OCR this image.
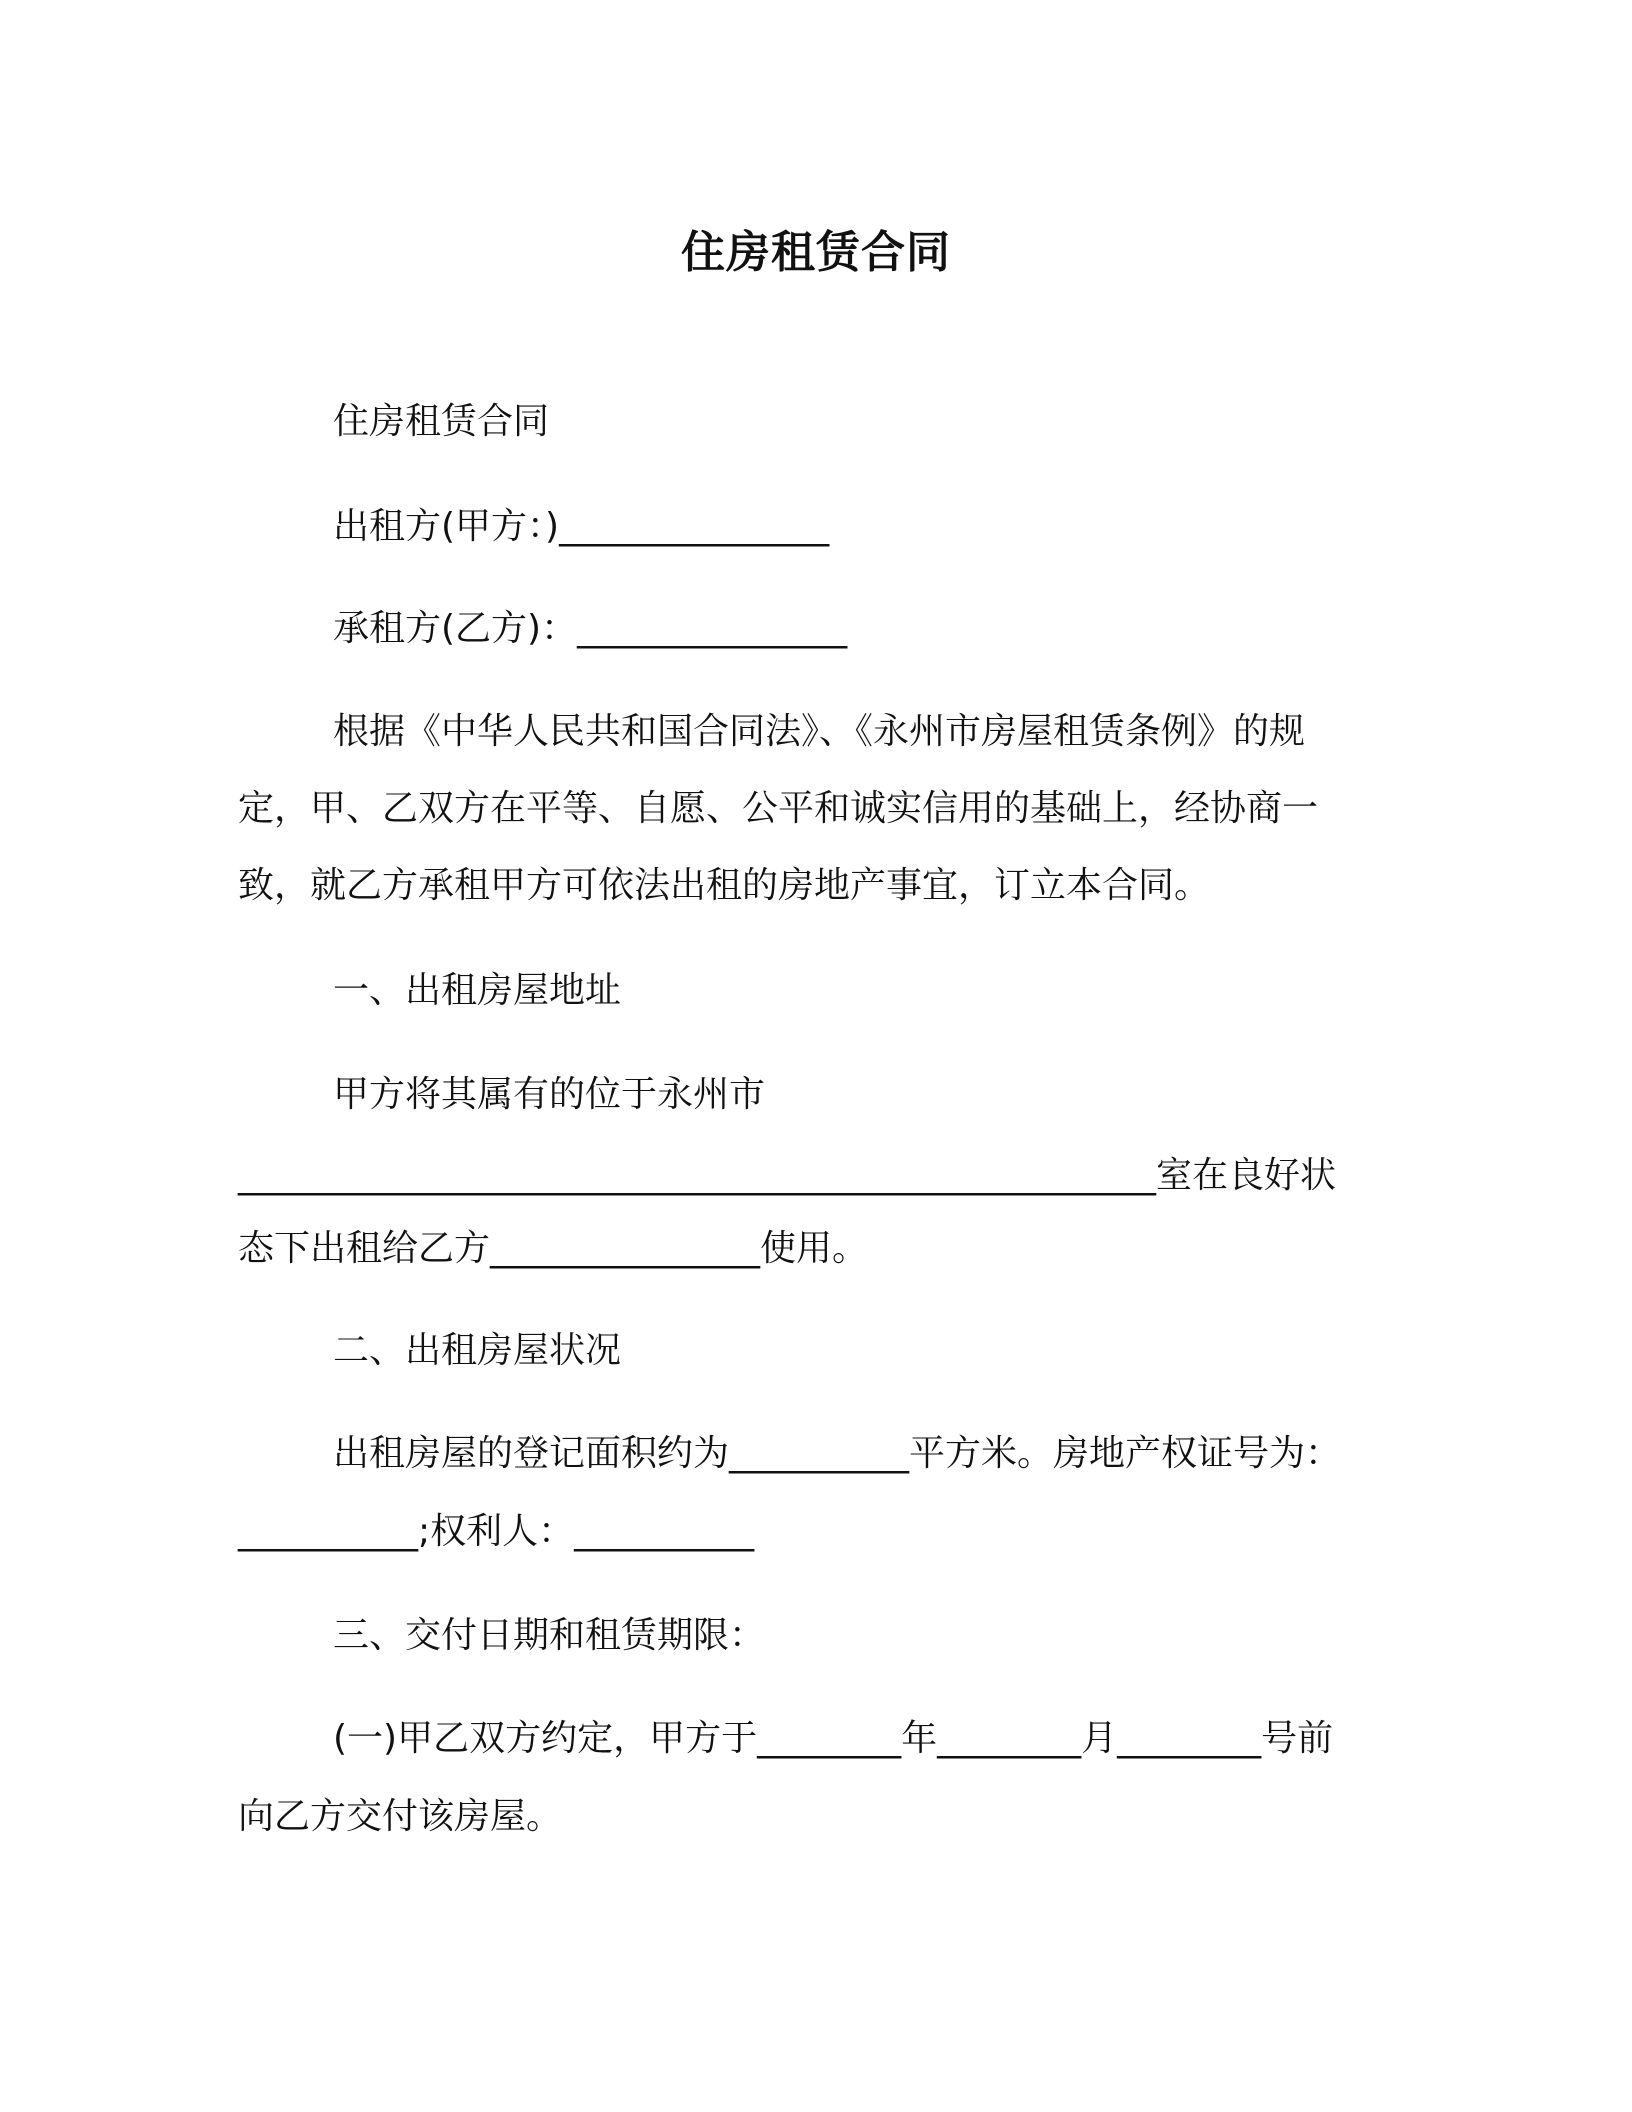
住房租赁合同
住房租赁合同
出租方(甲方：)_______________
承租方(乙方)：_______________
根据《中华人民共和国合同法》、《永州市房屋租赁条例》的规
定，甲、乙双方在平等、自愿、公平和诚实信用的基础上，经协商一
致，就乙方承租甲方可依法出租的房地产事宜，订立本合同。
一、出租房屋地址
甲方将其属有的位于永州市
___________________________________________________室在良好状
态下出租给乙方_______________使用。
二、出租房屋状况
出租房屋的登记面积约为__________平方米。房地产权证号为：
__________;权利人：__________
三、交付日期和租赁期限：
(一)甲乙双方约定，甲方于________年________月________号前
向乙方交付该房屋。
